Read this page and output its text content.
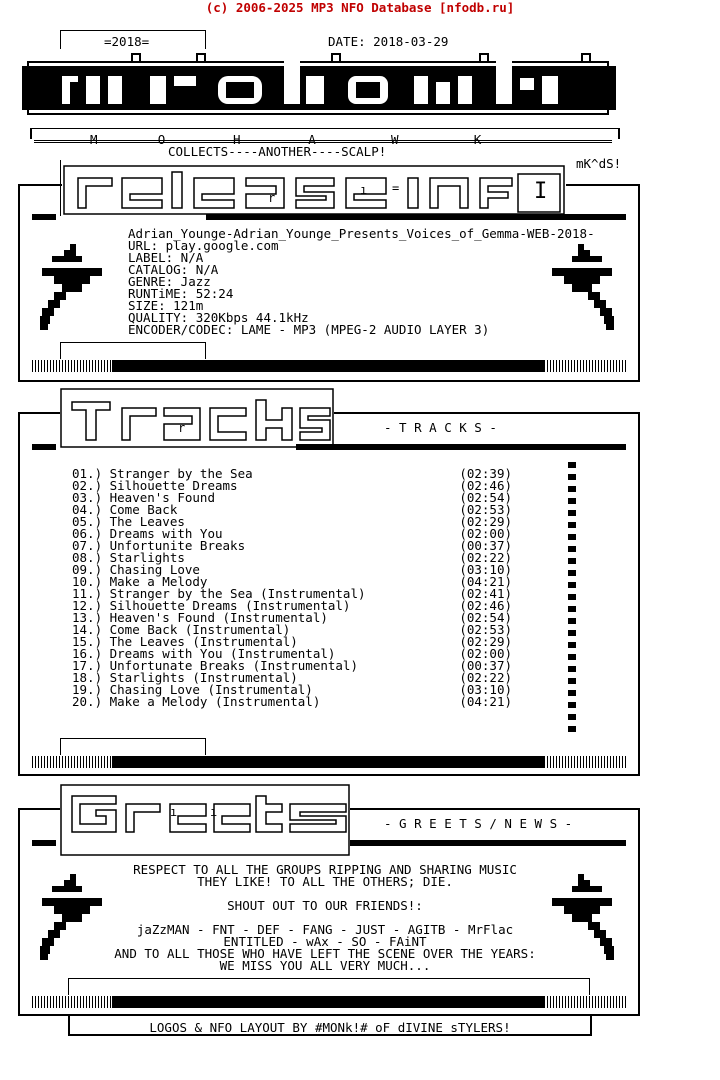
(c) 2006-2025 MP3 NFO Database [nfodb.ru]
=2018=	DATE: 2018-03-29
M        O         H         A          W          K
COLLECTS----ANOTHER----SCALP!
mK^dS!
r
ı =	I
Adrian_Younge-Adrian_Younge_Presents_Voices_of_Gemma-WEB-2018-
URL: play.google.com
LABEL: N/A
CATALOG: N/A
GENRE: Jazz
RUNTiME: 52:24
SIZE: 121m
QUALITY: 320Kbps 44.1kHz
ENCODER/CODEC: LAME - MP3 (MPEG-2 AUDIO LAYER 3)
r	- T R A C K S -
01.) Stranger by the Sea	(02:39)
02.) Silhouette Dreams	(02:46)
03.) Heaven's Found	(02:54)
04.) Come Back	(02:53)
05.) The Leaves	(02:29)
06.) Dreams with You	(02:00)
07.) Unfortunite Breaks	(00:37)
08.) Starlights	(02:22)
09.) Chasing Love	(03:10)
10.) Make a Melody	(04:21)
11.) Stranger by the Sea (Instrumental)	(02:41)
12.) Silhouette Dreams (Instrumental)	(02:46)
13.) Heaven's Found (Instrumental)	(02:54)
14.) Come Back (Instrumental)	(02:53)
15.) The Leaves (Instrumental)	(02:29)
16.) Dreams with You (Instrumental)	(02:00)
17.) Unfortunate Breaks (Instrumental)	(00:37)
18.) Starlights (Instrumental)	(02:22)
19.) Chasing Love (Instrumental)	(03:10)
20.) Make a Melody (Instrumental)	(04:21)
ı	ı
- G R E E T S / N E W S -
RESPECT TO ALL THE GROUPS RIPPING AND SHARING MUSIC
THEY LIKE! TO ALL THE OTHERS; DIE.
SHOUT OUT TO OUR FRIENDS!:
jaZzMAN - FNT - DEF - FANG - JUST - AGITB - MrFlac
ENTITLED - wAx - SO - FAiNT
AND TO ALL THOSE WHO HAVE LEFT THE SCENE OVER THE YEARS:
WE MISS YOU ALL VERY MUCH...
LOGOS & NFO LAYOUT BY #MONk!# oF dIVINE sTYLERS!
